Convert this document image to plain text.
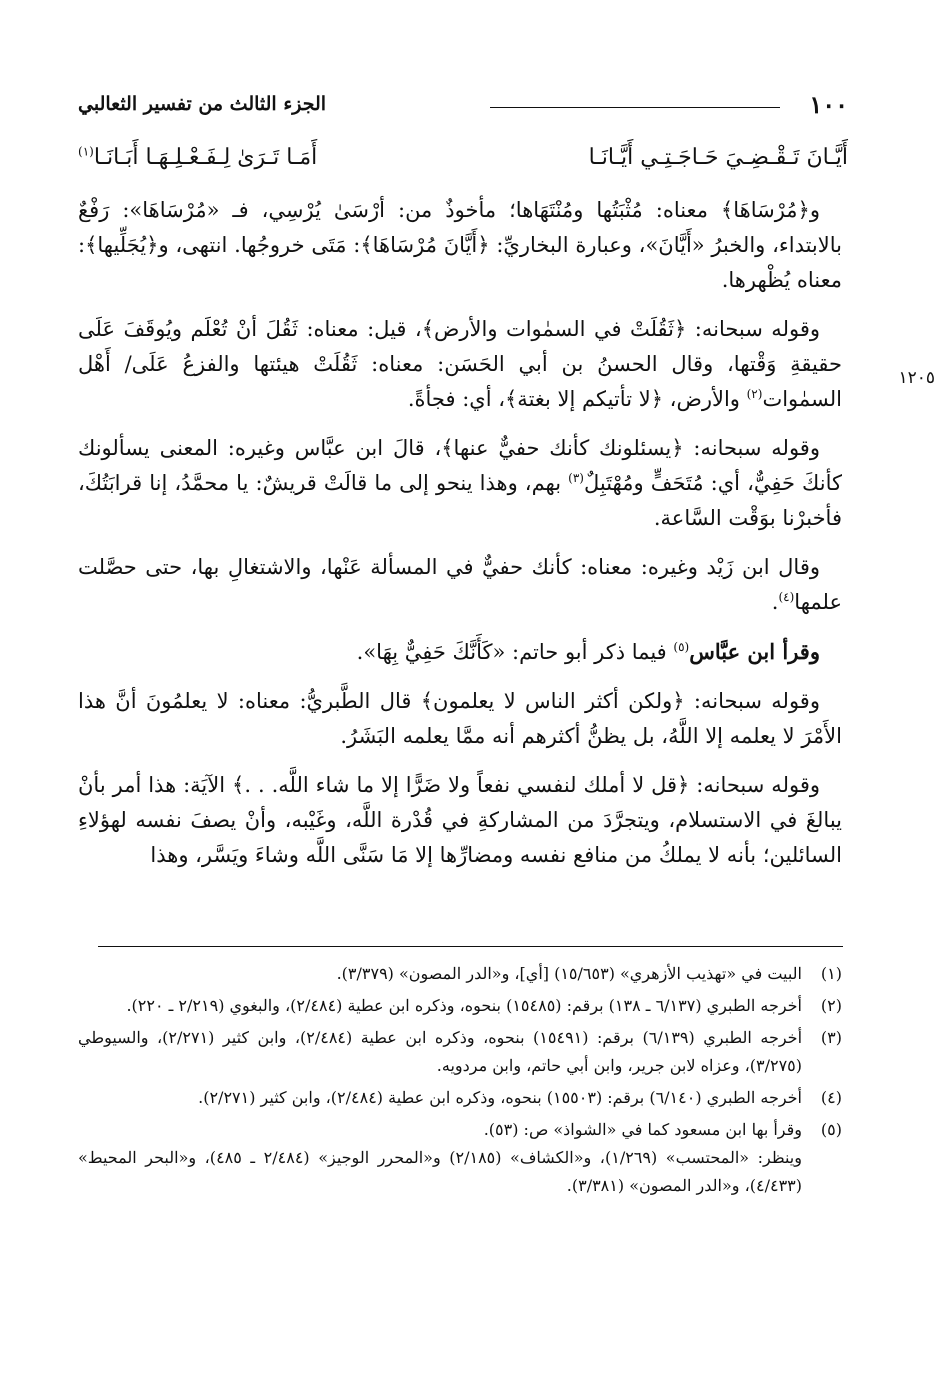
١٠٠
الجزء الثالث من تفسير الثعالبي
أَيَّـانَ تَـقْـضِـيَ حَـاجَـتِـي أَيَّـانَـا
أَمَـا تَـرَىٰ لِـفَـعْـلِـهَـا أَبَـانَـا$^{(١)}$
١٢٠٥

و﴿مُرْسَاهَا﴾ معناه: مُثْبَتُها ومُنْتَهَاها؛ مأخوذٌ من: أرْسَىٰ يُرْسِي، فـ «مُرْسَاهَا»: رَفْعٌ بالابتداء، والخبرُ «أَيَّانَ»، وعبارة البخاريِّ: ﴿أَيَّانَ مُرْسَاهَا﴾: مَتَى خروجُها. انتهى، و﴿يُجَلِّيها﴾: معناه يُظْهرها.

وقوله سبحانه: ﴿ثَقُلَتْ في السمٰوات والأرض﴾، قيل: معناه: ثَقُلَ أنْ تُعْلَم ويُوقَفَ عَلَى حقيقةِ وَقْتها، وقال الحسنُ بن أبي الحَسَن: معناه: ثَقُلَتْ هيئتها والفزعُ عَلَى/ أَهْل السمٰوات$^{(٢)}$ والأرض، ﴿لا تأتيكم إلا بغتة﴾، أي: فجأةً.

وقوله سبحانه: ﴿يسئلونك كأنك حفيٌّ عنها﴾، قالَ ابن عبَّاس وغيره: المعنى يسألونك كأنكَ حَفِيٌّ، أي: مُتَحَفٍّ ومُهْتَبِلٌ$^{(٣)}$ بهم، وهذا ينحو إلى ما قالَتْ قريشٌ: يا محمَّدُ، إنا قرابَتُكَ، فأخبرْنا بوَقْت السَّاعة.

وقال ابن زَيْد وغيره: معناه: كأنك حفيٌّ في المسألة عَنْها، والاشتغالِ بها، حتى حصَّلت علمها$^{(٤)}$.

وقرأ ابن عبَّاس$^{(٥)}$ فيما ذكر أبو حاتم: «كَأَنَّكَ حَفِيٌّ بِهَا».

وقوله سبحانه: ﴿ولكن أكثر الناس لا يعلمون﴾ قال الطَّبريُّ: معناه: لا يعلمُونَ أنَّ هذا الأَمْرَ لا يعلمه إلا اللَّهُ، بل يظنُّ أكثرهم أنه ممَّا يعلمه البَشَرُ.

وقوله سبحانه: ﴿قل لا أملك لنفسي نفعاً ولا ضَرًّا إلا ما شاء اللَّه. . .﴾ الآيَة: هذا أمر بأنْ يبالغَ في الاستسلام، ويتجرَّدَ من المشاركةِ في قُدْرة اللَّه، وغَيْبه، وأنْ يصفَ نفسه لهؤلاءِ السائلين؛ بأنه لا يملكُ من منافع نفسه ومضارِّها إلا مَا سَنَّى اللَّه وشاءَ ويَسَّر، وهذا

(١)
البيت في «تهذيب الأزهري» (١٥/٦٥٣) [أي]، و«الدر المصون» (٣/٣٧٩).
(٢)
أخرجه الطبري (٦/١٣٧ ـ ١٣٨) برقم: (١٥٤٨٥) بنحوه، وذكره ابن عطية (٢/٤٨٤)، والبغوي (٢/٢١٩ ـ ٢٢٠).
(٣)
أخرجه الطبري (٦/١٣٩) برقم: (١٥٤٩١) بنحوه، وذكره ابن عطية (٢/٤٨٤)، وابن كثير (٢/٢٧١)، والسيوطي (٣/٢٧٥)، وعزاه لابن جرير، وابن أبي حاتم، وابن مردويه.
(٤)
أخرجه الطبري (٦/١٤٠) برقم: (١٥٥٠٣) بنحوه، وذكره ابن عطية (٢/٤٨٤)، وابن كثير (٢/٢٧١).
(٥)
وقرأ بها ابن مسعود كما في «الشواذ» ص: (٥٣).
وينظر: «المحتسب» (١/٢٦٩)، و«الكشاف» (٢/١٨٥) و«المحرر الوجيز» (٢/٤٨٤ ـ ٤٨٥)، و«البحر المحيط» (٤/٤٣٣)، و«الدر المصون» (٣/٣٨١).
